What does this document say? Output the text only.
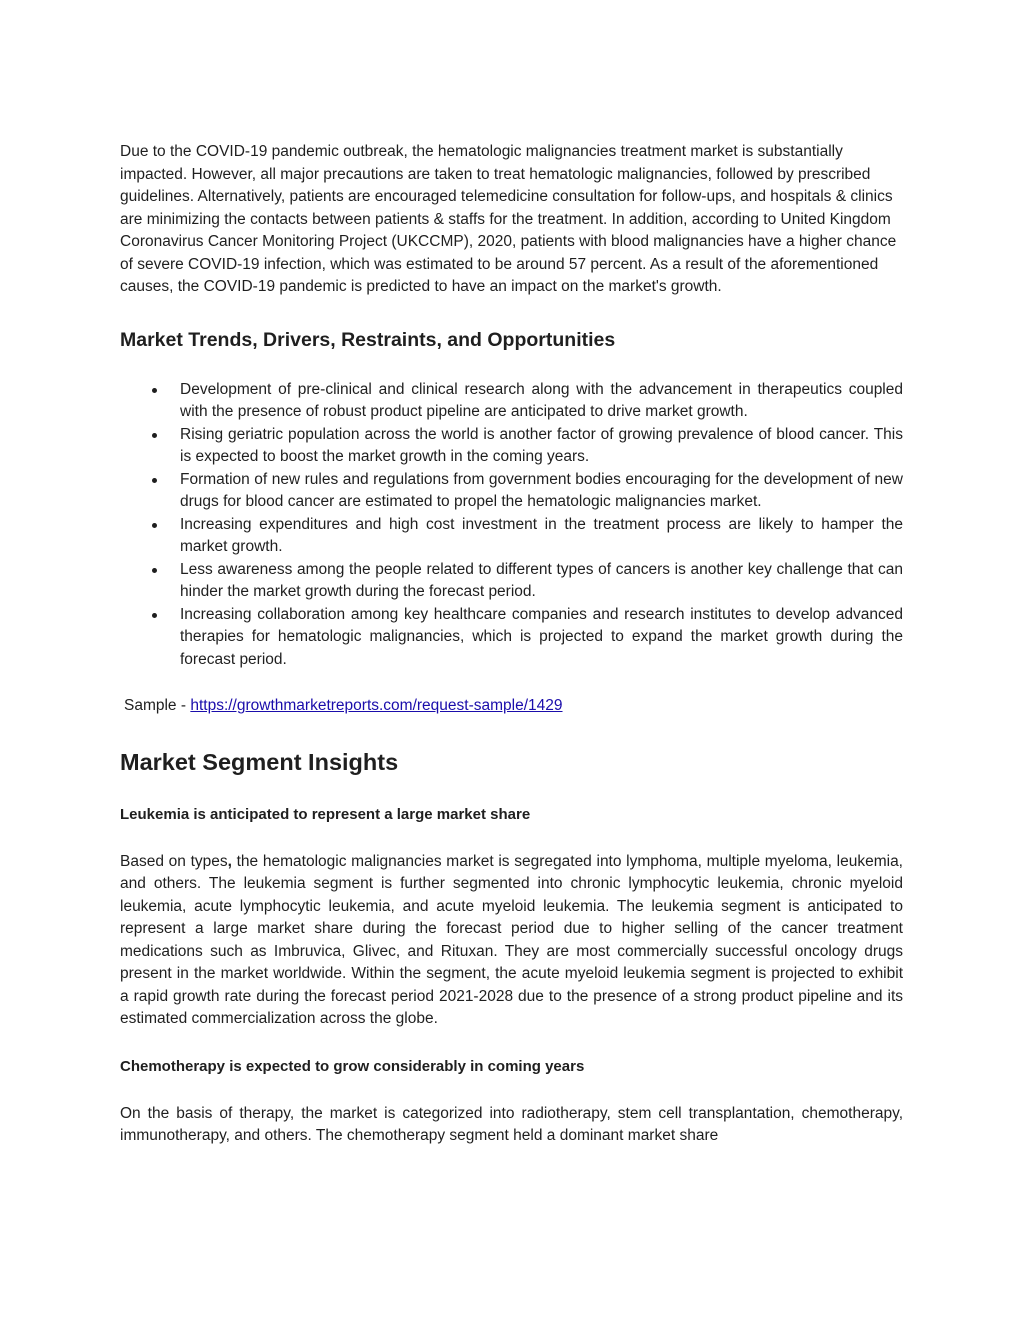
Due to the COVID-19 pandemic outbreak, the hematologic malignancies treatment market is substantially impacted. However, all major precautions are taken to treat hematologic malignancies, followed by prescribed guidelines. Alternatively, patients are encouraged telemedicine consultation for follow-ups, and hospitals & clinics are minimizing the contacts between patients & staffs for the treatment. In addition, according to United Kingdom Coronavirus Cancer Monitoring Project (UKCCMP), 2020, patients with blood malignancies have a higher chance of severe COVID-19 infection, which was estimated to be around 57 percent. As a result of the aforementioned causes, the COVID-19 pandemic is predicted to have an impact on the market's growth.

Market Trends, Drivers, Restraints, and Opportunities
Development of pre-clinical and clinical research along with the advancement in therapeutics coupled with the presence of robust product pipeline are anticipated to drive market growth.
Rising geriatric population across the world is another factor of growing prevalence of blood cancer. This is expected to boost the market growth in the coming years.
Formation of new rules and regulations from government bodies encouraging for the development of new drugs for blood cancer are estimated to propel the hematologic malignancies market.
Increasing expenditures and high cost investment in the treatment process are likely to hamper the market growth.
Less awareness among the people related to different types of cancers is another key challenge that can hinder the market growth during the forecast period.
Increasing collaboration among key healthcare companies and research institutes to develop advanced therapies for hematologic malignancies, which is projected to expand the market growth during the forecast period.
Sample - https://growthmarketreports.com/request-sample/1429
Market Segment Insights
Leukemia is anticipated to represent a large market share

Based on types, the hematologic malignancies market is segregated into lymphoma, multiple myeloma, leukemia, and others. The leukemia segment is further segmented into chronic lymphocytic leukemia, chronic myeloid leukemia, acute lymphocytic leukemia, and acute myeloid leukemia. The leukemia segment is anticipated to represent a large market share during the forecast period due to higher selling of the cancer treatment medications such as Imbruvica, Glivec, and Rituxan. They are most commercially successful oncology drugs present in the market worldwide. Within the segment, the acute myeloid leukemia segment is projected to exhibit a rapid growth rate during the forecast period 2021-2028 due to the presence of a strong product pipeline and its estimated commercialization across the globe.

Chemotherapy is expected to grow considerably in coming years

On the basis of therapy, the market is categorized into radiotherapy, stem cell transplantation, chemotherapy, immunotherapy, and others. The chemotherapy segment held a dominant market share
